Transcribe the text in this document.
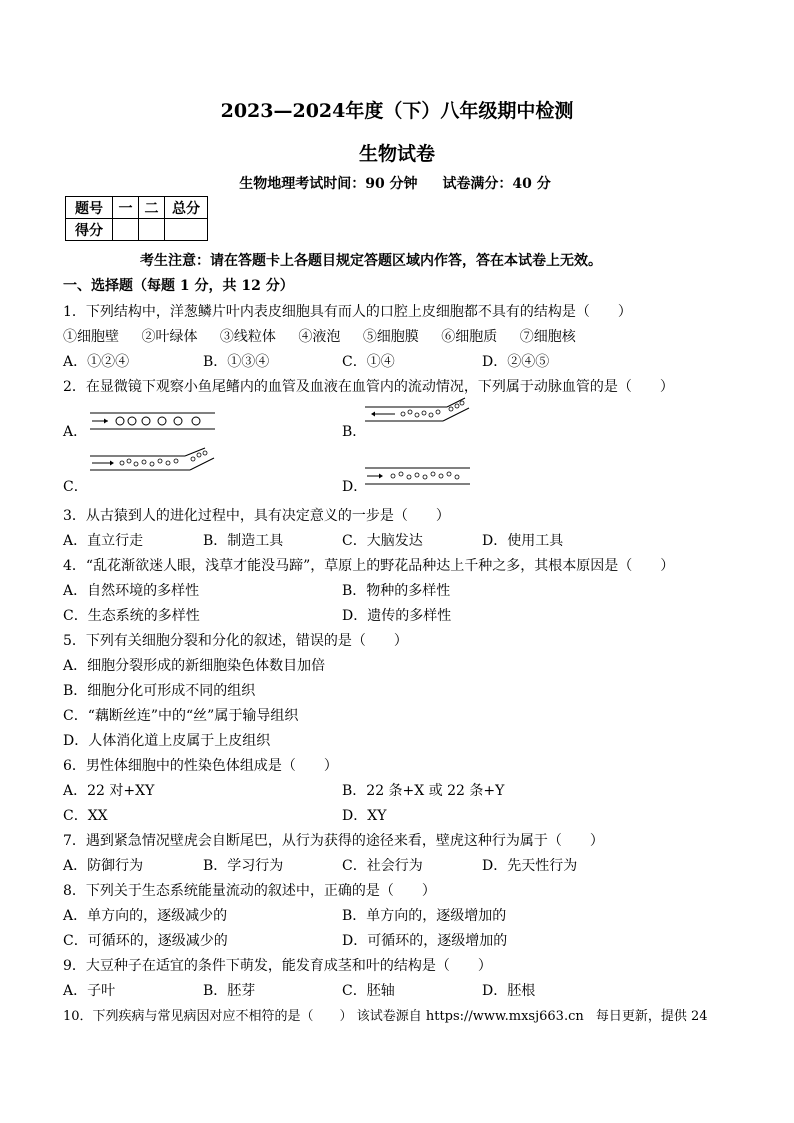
2023—2024年度（下）八年级期中检测
生物试卷
生物地理考试时间：90 分钟 试卷满分：40 分
题号	一	二	总分
得分			
考生注意：请在答题卡上各题目规定答题区域内作答，答在本试卷上无效。
一、选择题（每题 1 分，共 12 分）
1．下列结构中，洋葱鳞片叶内表皮细胞具有而人的口腔上皮细胞都不具有的结构是（　　）
①细胞壁 ②叶绿体 ③线粒体 ④液泡 ⑤细胞膜 ⑥细胞质 ⑦细胞核
A．①②④	B．①③④	C．①④	D．②④⑤
2．在显微镜下观察小鱼尾鳍内的血管及血液在血管内的流动情况，下列属于动脉血管的是（　　）
A．	B．
C．	D．
3．从古猿到人的进化过程中，具有决定意义的一步是（　　）
A．直立行走	B．制造工具	C．大脑发达	D．使用工具
4．“乱花渐欲迷人眼，浅草才能没马蹄”，草原上的野花品种达上千种之多，其根本原因是（　　）
A．自然环境的多样性	B．物种的多样性
C．生态系统的多样性	D．遗传的多样性
5．下列有关细胞分裂和分化的叙述，错误的是（　　）
A．细胞分裂形成的新细胞染色体数目加倍
B．细胞分化可形成不同的组织
C．“藕断丝连”中的“丝”属于输导组织
D．人体消化道上皮属于上皮组织
6．男性体细胞中的性染色体组成是（　　）
A．22 对+XY	B．22 条+X 或 22 条+Y
C．XX	D．XY
7．遇到紧急情况壁虎会自断尾巴，从行为获得的途径来看，壁虎这种行为属于（　　）
A．防御行为	B．学习行为	C．社会行为	D．先天性行为
8．下列关于生态系统能量流动的叙述中，正确的是（　　）
A．单方向的，逐级减少的	B．单方向的，逐级增加的
C．可循环的，逐级减少的	D．可循环的，逐级增加的
9．大豆种子在适宜的条件下萌发，能发育成茎和叶的结构是（　　）
A．子叶	B．胚芽	C．胚轴	D．胚根
10．下列疾病与常见病因对应不相符的是（　　） 该试卷源自 https://www.mxsj663.cn 每日更新，提供 24
